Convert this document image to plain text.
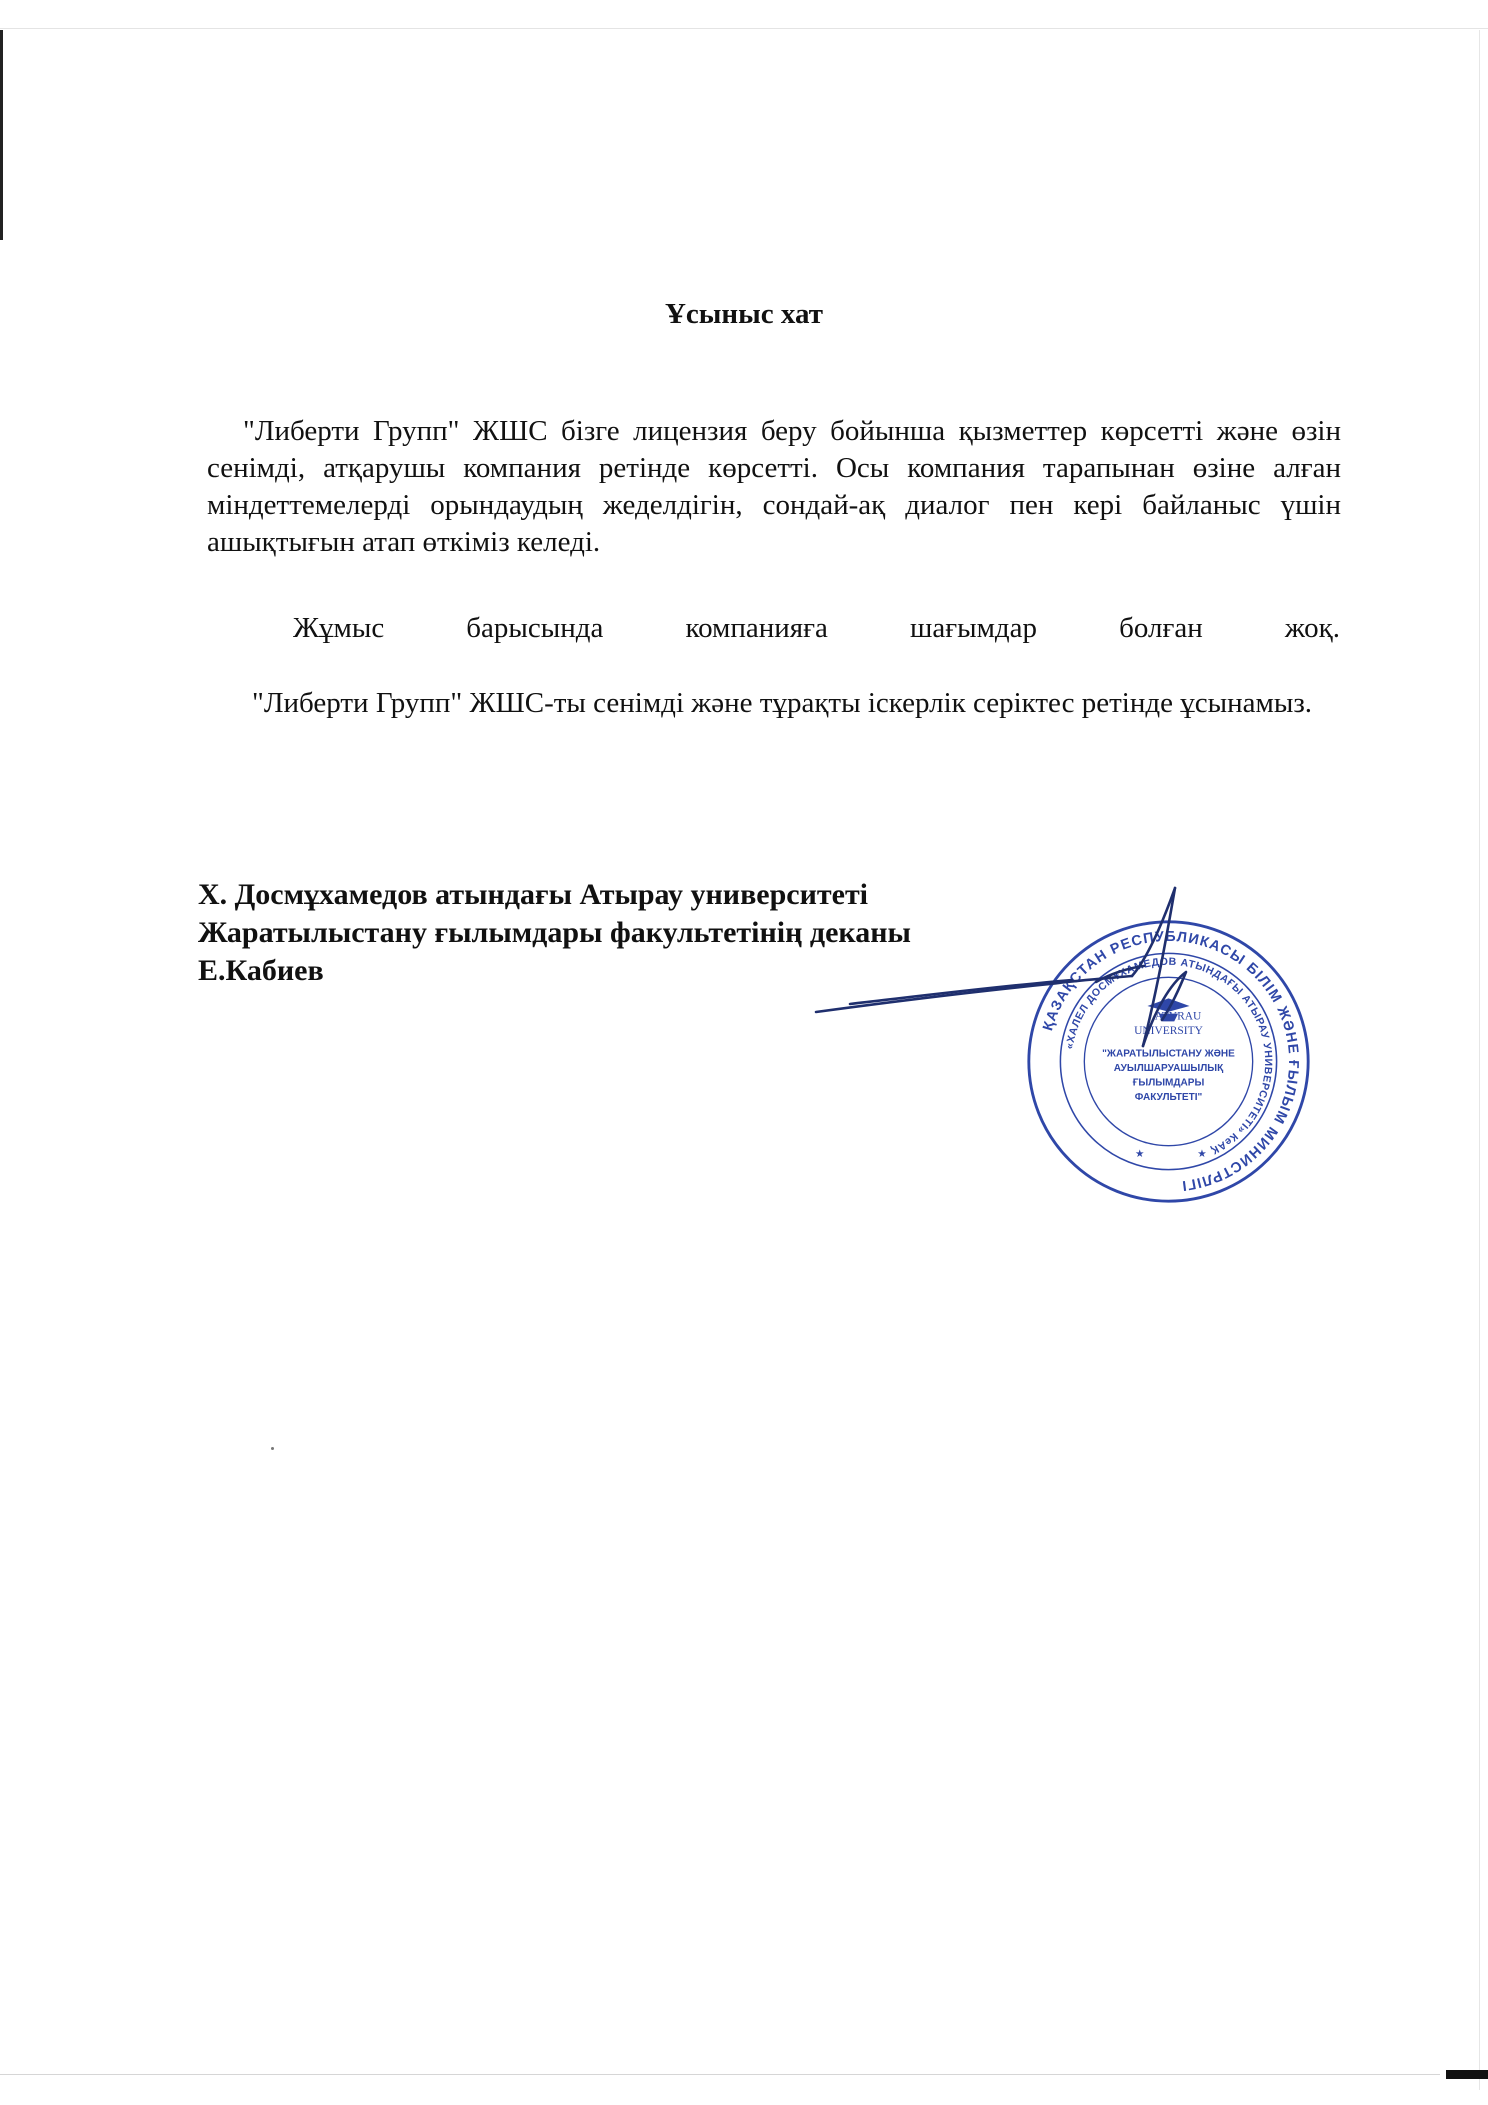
Ұсыныс хат

"Либерти Групп" ЖШС бізге лицензия беру бойынша қызметтер көрсетті және өзін сенімді, атқарушы компания ретінде көрсетті. Осы компания тарапынан өзіне алған міндеттемелерді орындаудың жеделдігін, сондай-ақ диалог пен кері байланыс үшін ашықтығын атап өткіміз келеді.

Жұмыс барысында компанияға шағымдар болған жоқ.

"Либерти Групп" ЖШС-ты сенімді және тұрақты іскерлік серіктес ретінде ұсынамыз.

Х. Досмұхамедов атындағы Атырау университеті
Жаратылыстану ғылымдары факультетінің деканы
Е.Кабиев
ҚАЗАҚСТАН РЕСПУБЛИКАСЫ БІЛІМ ЖӘНЕ ҒЫЛЫМ МИНИСТРЛІГІ
«ХАЛЕЛ ДОСМҰХАМЕДОВ АТЫНДАҒЫ АТЫРАУ УНИВЕРСИТЕТІ» КеАҚ
ATYRAU
UNIVERSITY
"ЖАРАТЫЛЫСТАНУ ЖӘНЕ
АУЫЛШАРУАШЫЛЫҚ
ҒЫЛЫМДАРЫ
ФАКУЛЬТЕТІ"
★	★
